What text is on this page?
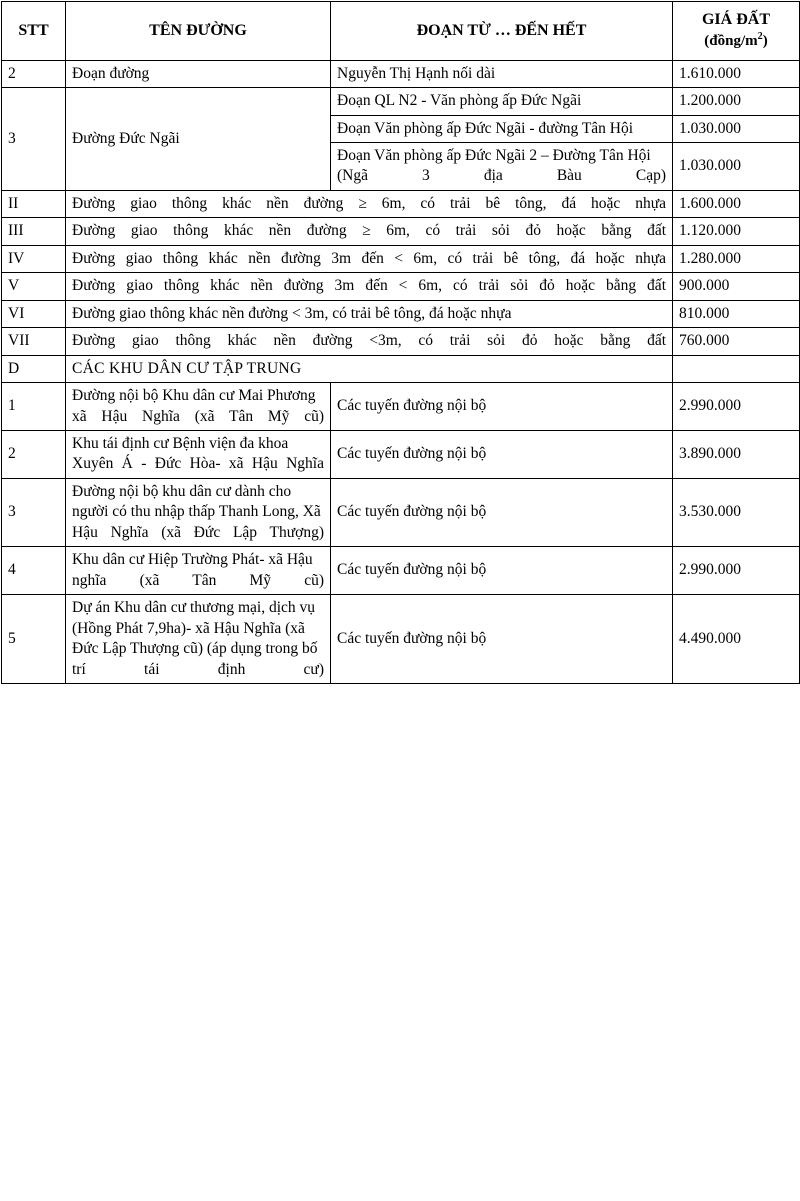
STT	TÊN ĐƯỜNG	ĐOẠN TỪ … ĐẾN HẾT	GIÁ ĐẤT
$(đồng/m^2)$

2	Đoạn đường	Nguyễn Thị Hạnh nối dài	1.610.000
3	Đường Đức Ngãi	Đoạn QL N2 - Văn phòng ấp Đức Ngãi	1.200.000
		Đoạn Văn phòng ấp Đức Ngãi - đường Tân Hội	1.030.000
		Đoạn Văn phòng ấp Đức Ngãi 2 – Đường Tân Hội (Ngã 3 địa Bàu Cạp)	1.030.000
II	Đường giao thông khác nền đường ≥ 6m, có trải bê tông, đá hoặc nhựa		1.600.000
III	Đường giao thông khác nền đường ≥ 6m, có trải sỏi đỏ hoặc bằng đất		1.120.000
IV	Đường giao thông khác nền đường 3m đến < 6m, có trải bê tông, đá hoặc nhựa		1.280.000
V	Đường giao thông khác nền đường 3m đến < 6m, có trải sỏi đỏ hoặc bằng đất		900.000
VI	Đường giao thông khác nền đường < 3m, có trải bê tông, đá hoặc nhựa		810.000
VII	Đường giao thông khác nền đường <3m, có trải sỏi đỏ hoặc bằng đất		760.000
D	CÁC KHU DÂN CƯ TẬP TRUNG		
1	Đường nội bộ Khu dân cư Mai Phương xã Hậu Nghĩa (xã Tân Mỹ cũ)	Các tuyến đường nội bộ	2.990.000
2	Khu tái định cư Bệnh viện đa khoa Xuyên Á - Đức Hòa- xã Hậu Nghĩa	Các tuyến đường nội bộ	3.890.000
3	Đường nội bộ khu dân cư dành cho người có thu nhập thấp Thanh Long, Xã Hậu Nghĩa (xã Đức Lập Thượng)	Các tuyến đường nội bộ	3.530.000
4	Khu dân cư Hiệp Trường Phát- xã Hậu nghĩa (xã Tân Mỹ cũ)	Các tuyến đường nội bộ	2.990.000
5	Dự án Khu dân cư thương mại, dịch vụ (Hồng Phát 7,9ha)- xã Hậu Nghĩa (xã Đức Lập Thượng cũ) (áp dụng trong bố trí tái định cư)	Các tuyến đường nội bộ	4.490.000
